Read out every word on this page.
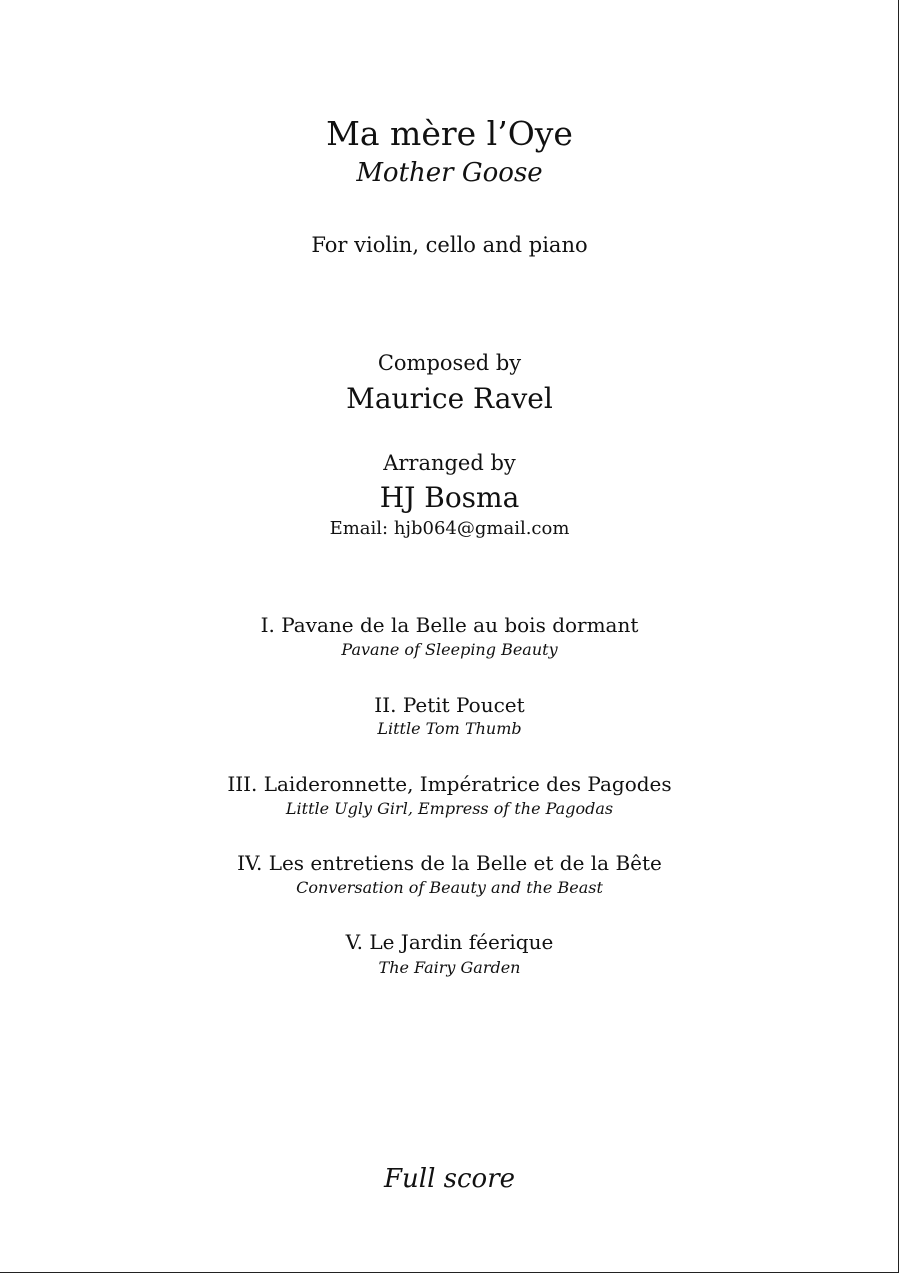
Ma mère l’Oye
Mother Goose
For violin, cello and piano
Composed by
Maurice Ravel
Arranged by
HJ Bosma
Email: hjb064@gmail.com
I. Pavane de la Belle au bois dormant
Pavane of Sleeping Beauty
II. Petit Poucet
Little Tom Thumb
III. Laideronnette, Impératrice des Pagodes
Little Ugly Girl, Empress of the Pagodas
IV. Les entretiens de la Belle et de la Bête
Conversation of Beauty and the Beast
V. Le Jardin féerique
The Fairy Garden
Full score
